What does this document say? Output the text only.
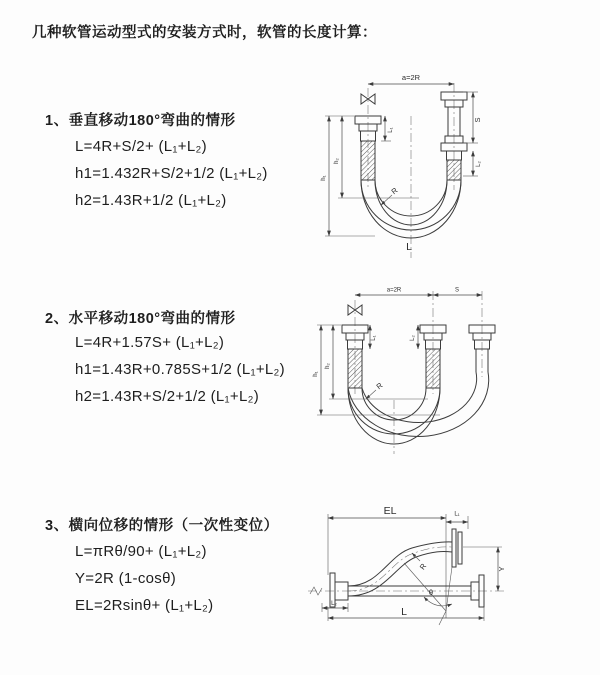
几种软管运动型式的安装方式时，软管的长度计算：
1、垂直移动180°弯曲的情形
L=4R+S/2+ (L₁+L₂)
h1=1.432R+S/2+1/2 (L₁+L₂)
h2=1.43R+1/2 (L₁+L₂)
2、水平移动180°弯曲的情形
L=4R+1.57S+ (L₁+L₂)
h1=1.43R+0.785S+1/2 (L₁+L₂)
h2=1.43R+S/2+1/2 (L₁+L₂)
3、横向位移的情形（一次性变位）
L=πRθ/90+ (L₁+L₂)
Y=2R (1-cosθ)
EL=2Rsinθ+ (L₁+L₂)
a=2R
L₁
S
L₂
R
L
h₁
h₂
a=2R	S
L₁	L₂
R
h₁
h₂
EL	L₁
Y
R
θ
L
L₂
